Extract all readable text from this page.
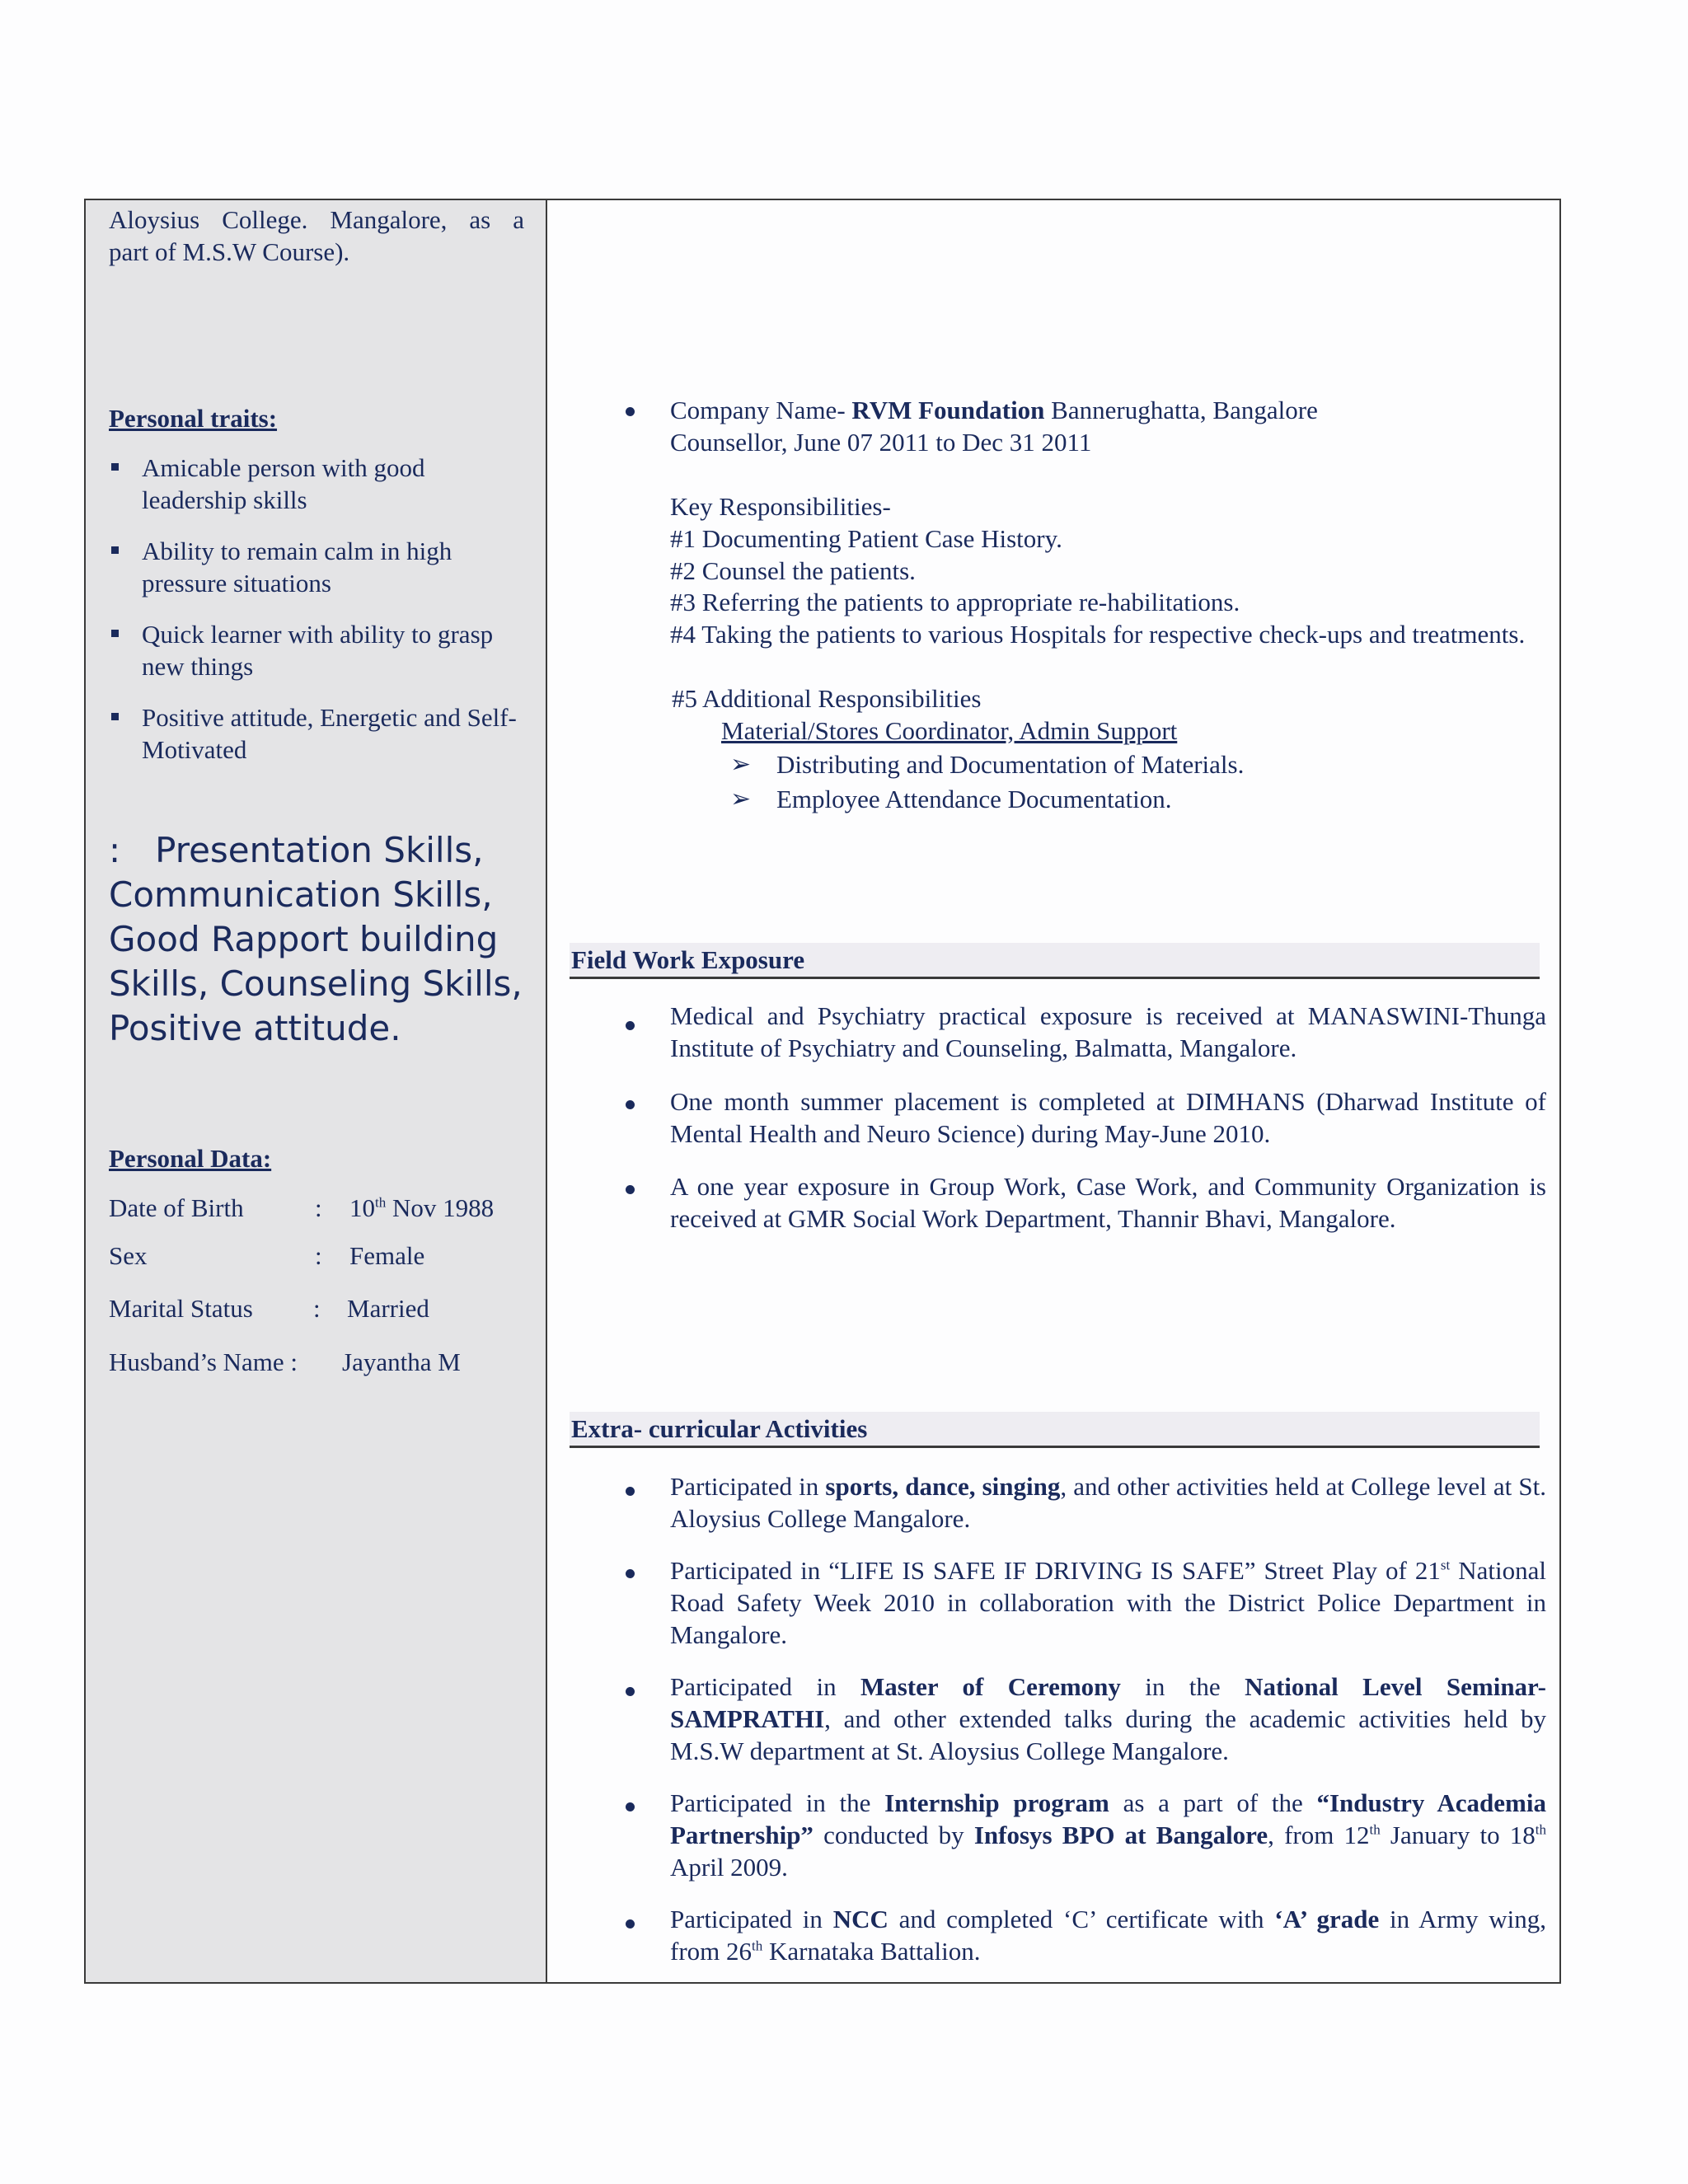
Aloysius College. Mangalore, as a
part of M.S.W Course).
Personal traits:
Amicable person with good leadership skills
Ability to remain calm in high pressure situations
Quick learner with ability to grasp new things
Positive attitude, Energetic and Self-Motivated
: Presentation Skills, Communication Skills, Good Rapport building Skills, Counseling Skills, Positive attitude.
Personal Data:
Date of Birth	: 10th Nov 1988
Sex	: Female
Marital Status : Married
Husband’s Name : Jayantha M
Company Name- RVM Foundation Bannerughatta, Bangalore
Counsellor, June 07 2011 to Dec 31 2011
Key Responsibilities-
#1 Documenting Patient Case History.
#2 Counsel the patients.
#3 Referring the patients to appropriate re-habilitations.
#4 Taking the patients to various Hospitals for respective check-ups and treatments.
#5 Additional Responsibilities
Material/Stores Coordinator, Admin Support
➢ Distributing and Documentation of Materials.
➢ Employee Attendance Documentation.
Field Work Exposure
Medical and Psychiatry practical exposure is received at MANASWINI-Thunga Institute of Psychiatry and Counseling, Balmatta, Mangalore.
One month summer placement is completed at DIMHANS (Dharwad Institute of Mental Health and Neuro Science) during May-June 2010.
A one year exposure in Group Work, Case Work, and Community Organization is received at GMR Social Work Department, Thannir Bhavi, Mangalore.
Extra- curricular Activities
Participated in sports, dance, singing, and other activities held at College level at St. Aloysius College Mangalore.
Participated in “LIFE IS SAFE IF DRIVING IS SAFE” Street Play of 21st National Road Safety Week 2010 in collaboration with the District Police Department in Mangalore.
Participated in Master of Ceremony in the National Level Seminar-SAMPRATHI, and other extended talks during the academic activities held by M.S.W department at St. Aloysius College Mangalore.
Participated in the Internship program as a part of the “Industry Academia Partnership” conducted by Infosys BPO at Bangalore, from 12th January to 18th April 2009.
Participated in NCC and completed ‘C’ certificate with ‘A’ grade in Army wing, from 26th Karnataka Battalion.
